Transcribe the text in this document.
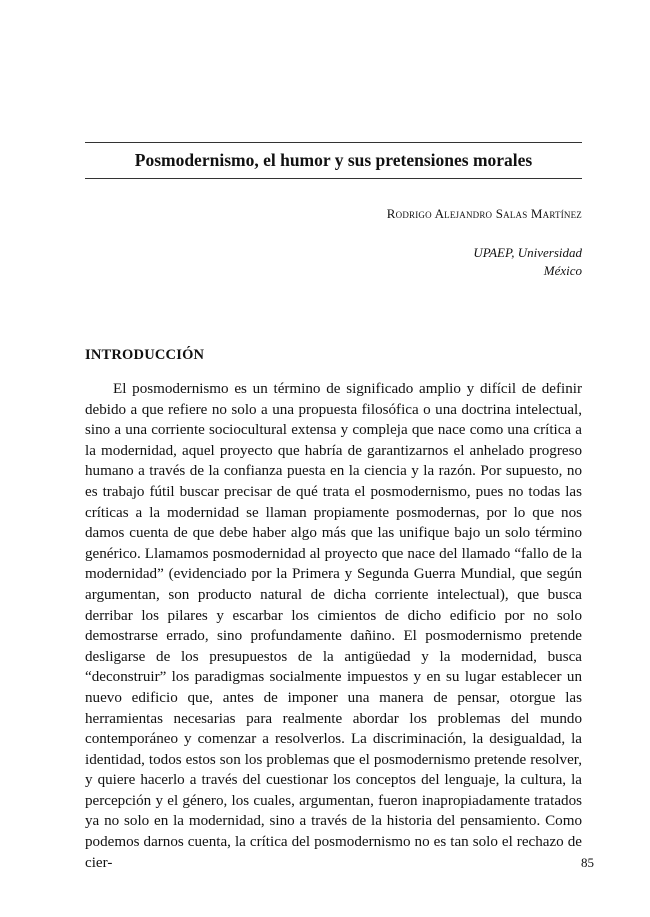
Posmodernismo, el humor y sus pretensiones morales

Rodrigo Alejandro Salas Martínez

UPAEP, Universidad
México
INTRODUCCIÓN

El posmodernismo es un término de significado amplio y difícil de definir debido a que refiere no solo a una propuesta filosófica o una doctrina intelectual, sino a una corriente sociocultural extensa y compleja que nace como una crítica a la modernidad, aquel proyecto que habría de garantizarnos el anhelado progreso humano a través de la confianza puesta en la ciencia y la razón. Por supuesto, no es trabajo fútil buscar precisar de qué trata el posmodernismo, pues no todas las críticas a la modernidad se llaman propiamente posmodernas, por lo que nos damos cuenta de que debe haber algo más que las unifique bajo un solo término genérico. Llamamos posmodernidad al proyecto que nace del llamado “fallo de la modernidad” (evidenciado por la Primera y Segunda Guerra Mundial, que según argumentan, son producto natural de dicha corriente intelectual), que busca derribar los pilares y escarbar los cimientos de dicho edificio por no solo demostrarse errado, sino profundamente dañino. El posmodernismo pretende desligarse de los presupuestos de la antigüedad y la modernidad, busca “deconstruir” los paradigmas socialmente impuestos y en su lugar establecer un nuevo edificio que, antes de imponer una manera de pensar, otorgue las herramientas necesarias para realmente abordar los problemas del mundo contemporáneo y comenzar a resolverlos. La discriminación, la desigualdad, la identidad, todos estos son los problemas que el posmodernismo pretende resolver, y quiere hacerlo a través del cuestionar los conceptos del lenguaje, la cultura, la percepción y el género, los cuales, argumentan, fueron inapropiadamente tratados ya no solo en la modernidad, sino a través de la historia del pensamiento. Como podemos darnos cuenta, la crítica del posmodernismo no es tan solo el rechazo de cier-	85
